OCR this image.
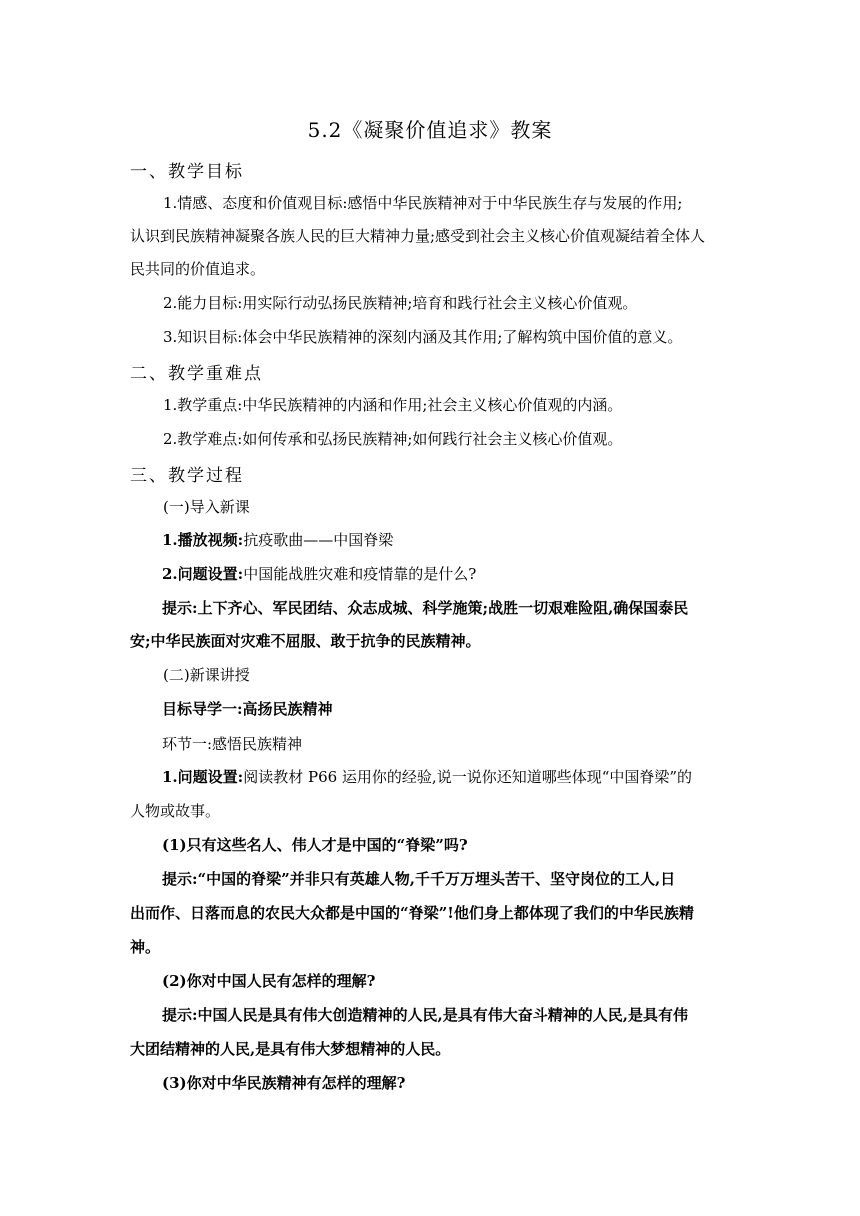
5.2《凝聚价值追求》教案
一、教学目标
1.情感、态度和价值观目标:感悟中华民族精神对于中华民族生存与发展的作用;
认识到民族精神凝聚各族人民的巨大精神力量;感受到社会主义核心价值观凝结着全体人
民共同的价值追求。
2.能力目标:用实际行动弘扬民族精神;培育和践行社会主义核心价值观。
3.知识目标:体会中华民族精神的深刻内涵及其作用;了解构筑中国价值的意义。
二、教学重难点
1.教学重点:中华民族精神的内涵和作用;社会主义核心价值观的内涵。
2.教学难点:如何传承和弘扬民族精神;如何践行社会主义核心价值观。
三、教学过程
(一)导入新课
1.播放视频:抗疫歌曲——中国脊梁
2.问题设置:中国能战胜灾难和疫情靠的是什么?
提示:上下齐心、军民团结、众志成城、科学施策;战胜一切艰难险阻,确保国泰民
安;中华民族面对灾难不屈服、敢于抗争的民族精神。
(二)新课讲授
目标导学一:高扬民族精神
环节一:感悟民族精神
1.问题设置:阅读教材 P66 运用你的经验,说一说你还知道哪些体现“中国脊梁”的
人物或故事。
(1)只有这些名人、伟人才是中国的“脊梁”吗?
提示:“中国的脊梁”并非只有英雄人物,千千万万埋头苦干、坚守岗位的工人,日
出而作、日落而息的农民大众都是中国的“脊梁”!他们身上都体现了我们的中华民族精
神。
(2)你对中国人民有怎样的理解?
提示:中国人民是具有伟大创造精神的人民,是具有伟大奋斗精神的人民,是具有伟
大团结精神的人民,是具有伟大梦想精神的人民。
(3)你对中华民族精神有怎样的理解?
